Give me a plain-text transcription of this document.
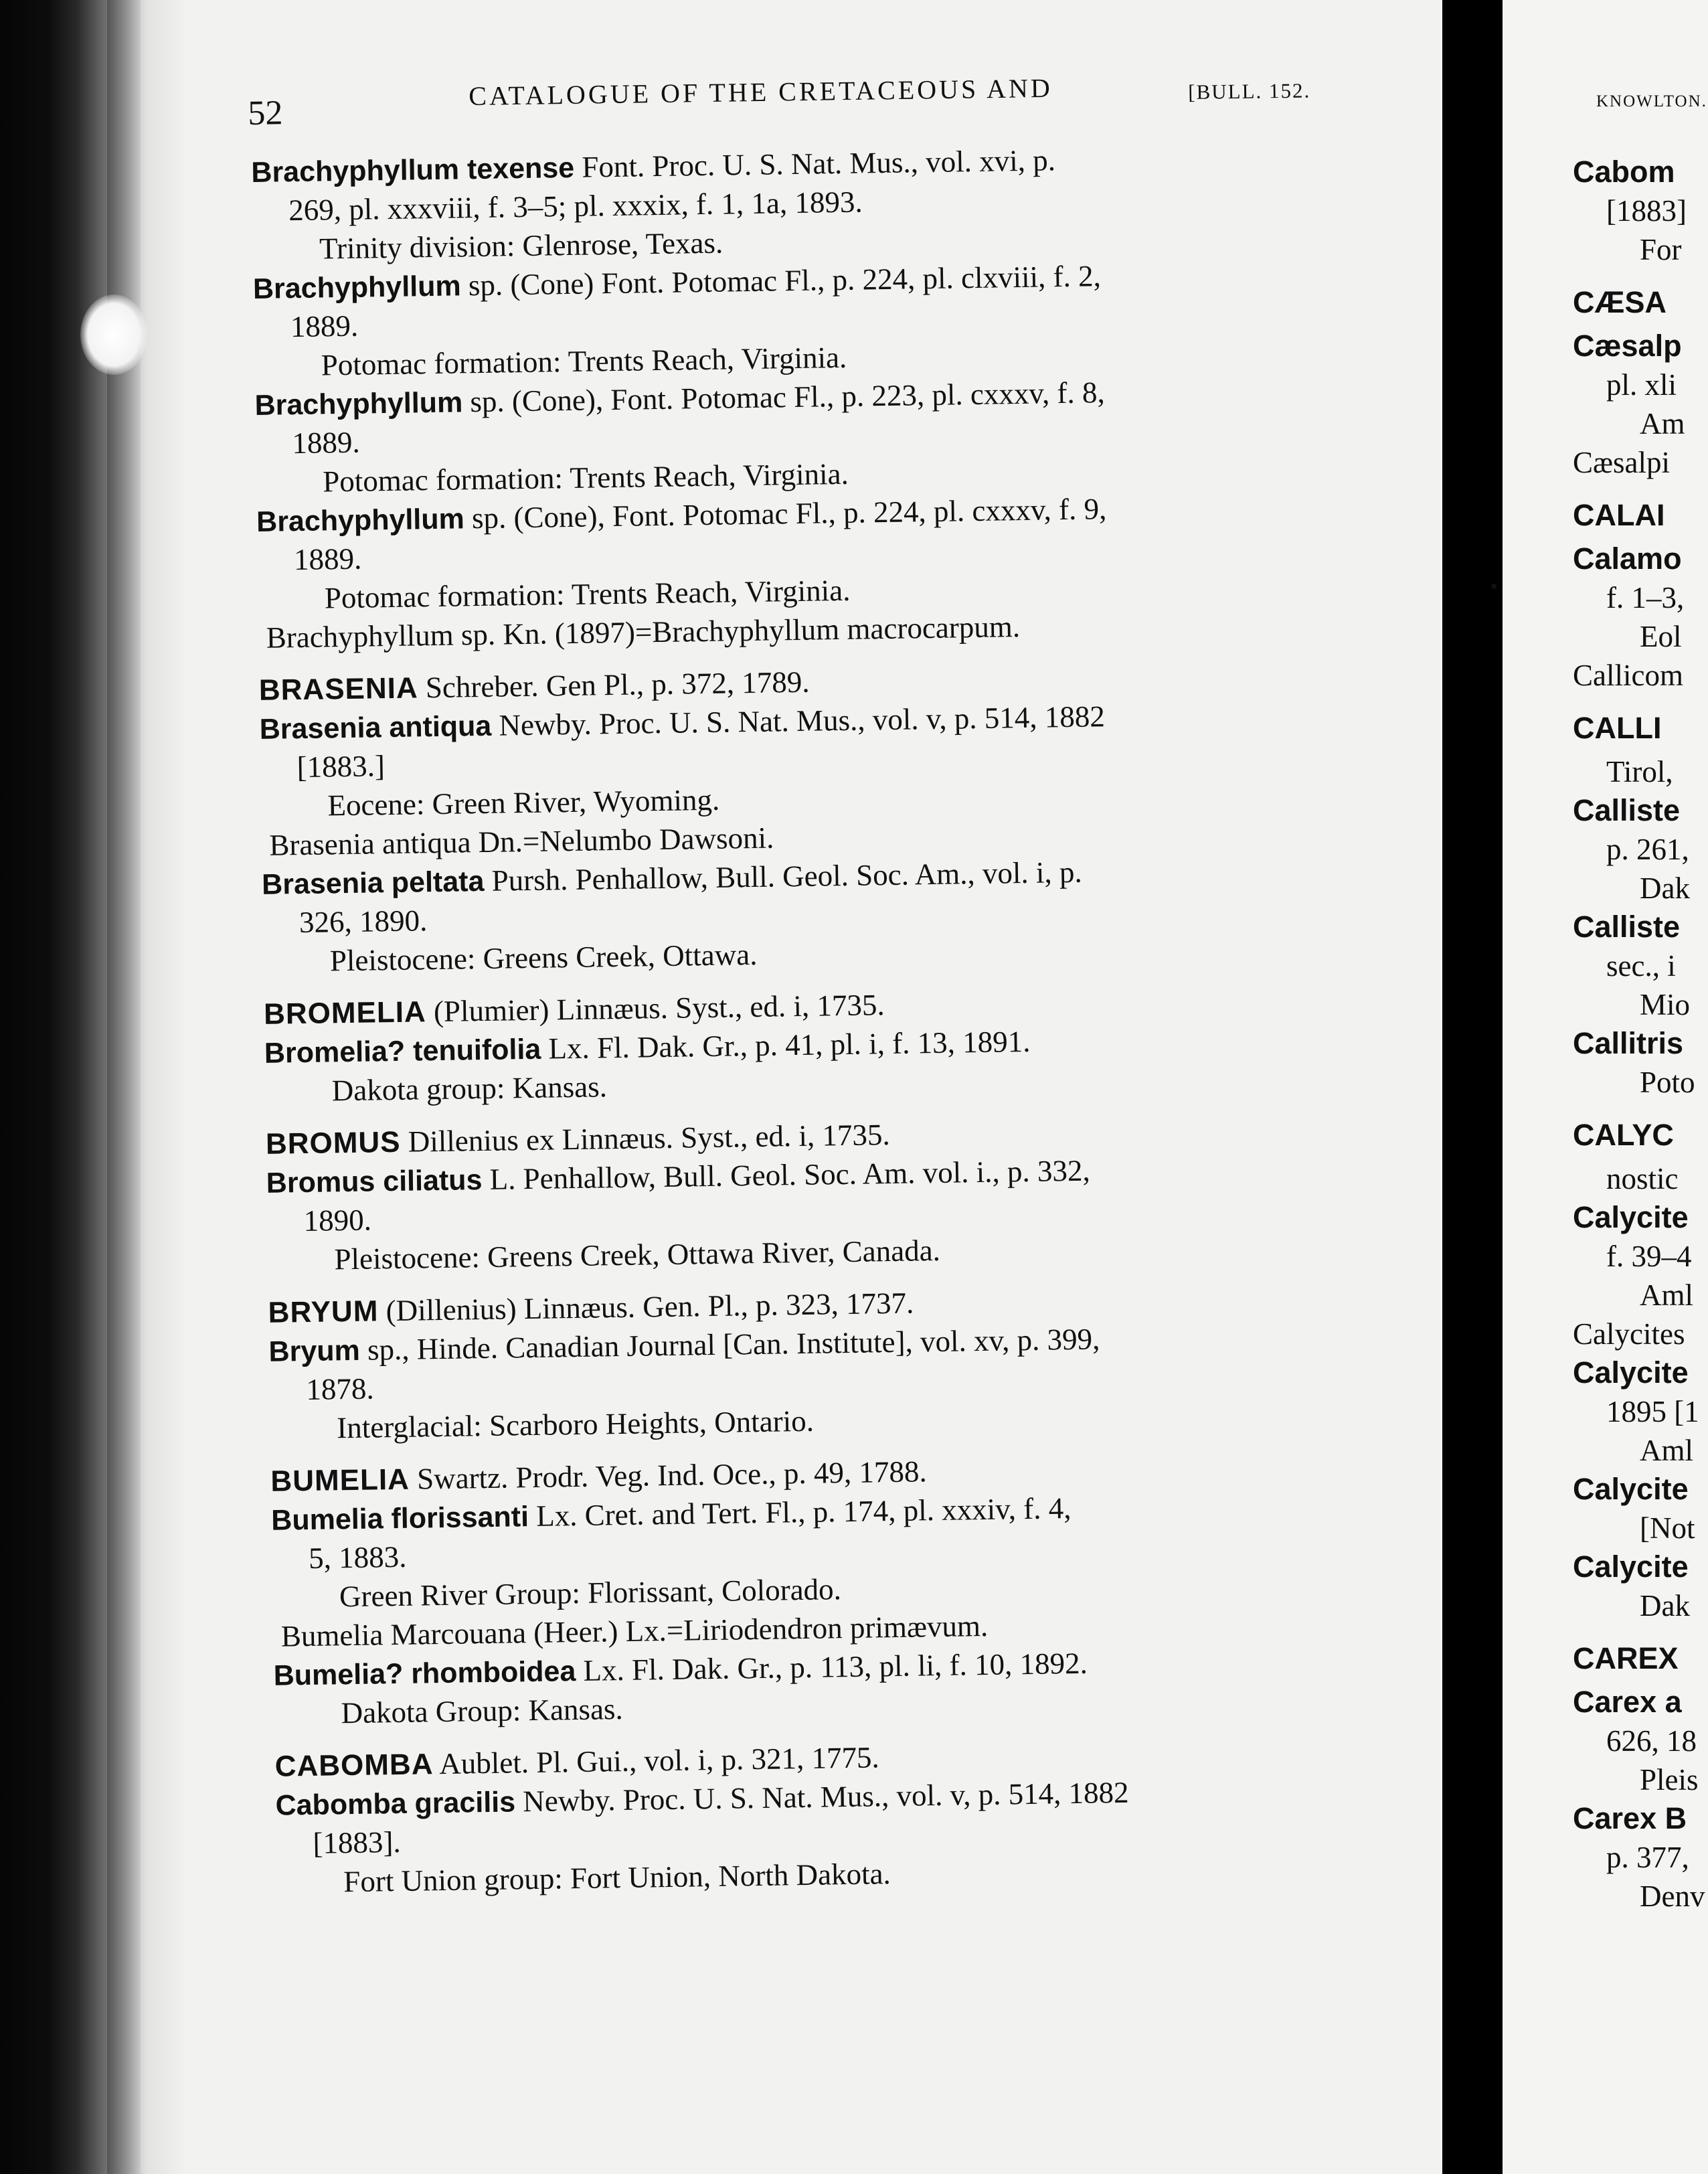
KNOWLTON.
Cabom
[1883]
For
CÆSA
Cæsalp
pl. xli
Am
Cæsalpi
CALAI
Calamo
f. 1–3,
Eol
Callicom
CALLI
Tirol,
Calliste
p. 261,
Dak
Calliste
sec., i
Mio
Callitris
Poto
CALYC
nostic
Calycite
f. 39–4
Aml
Calycites
Calycite
1895 [1
Aml
Calycite
[Not
Calycite
Dak
CAREX
Carex a
626, 18
Pleis
Carex B
p. 377,
Denv
52
CATALOGUE OF THE CRETACEOUS AND	[BULL. 152.
Brachyphyllum texense Font. Proc. U. S. Nat. Mus., vol. xvi, p.
269, pl. xxxviii, f. 3–5; pl. xxxix, f. 1, 1a, 1893.
Trinity division: Glenrose, Texas.
Brachyphyllum sp. (Cone) Font. Potomac Fl., p. 224, pl. clxviii, f. 2,
1889.
Potomac formation: Trents Reach, Virginia.
Brachyphyllum sp. (Cone), Font. Potomac Fl., p. 223, pl. cxxxv, f. 8,
1889.
Potomac formation: Trents Reach, Virginia.
Brachyphyllum sp. (Cone), Font. Potomac Fl., p. 224, pl. cxxxv, f. 9,
1889.
Potomac formation: Trents Reach, Virginia.
Brachyphyllum sp. Kn. (1897)=Brachyphyllum macrocarpum.
BRASENIA Schreber. Gen Pl., p. 372, 1789.
Brasenia antiqua Newby. Proc. U. S. Nat. Mus., vol. v, p. 514, 1882
[1883.]
Eocene: Green River, Wyoming.
Brasenia antiqua Dn.=Nelumbo Dawsoni.
Brasenia peltata Pursh. Penhallow, Bull. Geol. Soc. Am., vol. i, p.
326, 1890.
Pleistocene: Greens Creek, Ottawa.
BROMELIA (Plumier) Linnæus. Syst., ed. i, 1735.
Bromelia? tenuifolia Lx. Fl. Dak. Gr., p. 41, pl. i, f. 13, 1891.
Dakota group: Kansas.
BROMUS Dillenius ex Linnæus. Syst., ed. i, 1735.
Bromus ciliatus L. Penhallow, Bull. Geol. Soc. Am. vol. i., p. 332,
1890.
Pleistocene: Greens Creek, Ottawa River, Canada.
BRYUM (Dillenius) Linnæus. Gen. Pl., p. 323, 1737.
Bryum sp., Hinde. Canadian Journal [Can. Institute], vol. xv, p. 399,
1878.
Interglacial: Scarboro Heights, Ontario.
BUMELIA Swartz. Prodr. Veg. Ind. Oce., p. 49, 1788.
Bumelia florissanti Lx. Cret. and Tert. Fl., p. 174, pl. xxxiv, f. 4,
5, 1883.
Green River Group: Florissant, Colorado.
Bumelia Marcouana (Heer.) Lx.=Liriodendron primævum.
Bumelia? rhomboidea Lx. Fl. Dak. Gr., p. 113, pl. li, f. 10, 1892.
Dakota Group: Kansas.
CABOMBA Aublet. Pl. Gui., vol. i, p. 321, 1775.
Cabomba gracilis Newby. Proc. U. S. Nat. Mus., vol. v, p. 514, 1882
[1883].
Fort Union group: Fort Union, North Dakota.
